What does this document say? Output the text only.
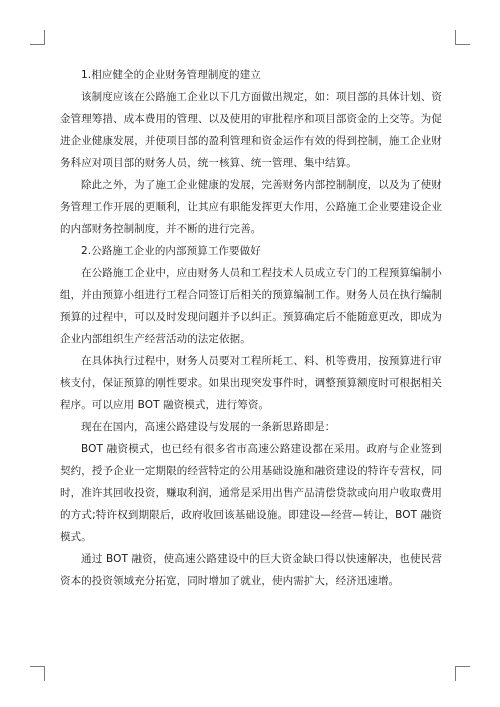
1.相应健全的企业财务管理制度的建立

该制度应该在公路施工企业以下几方面做出规定，如：项目部的具体计划、资金管理筹措、成本费用的管理、以及使用的审批程序和项目部资金的上交等。为促进企业健康发展，并使项目部的盈利管理和资金运作有效的得到控制，施工企业财务科应对项目部的财务人员，统一核算、统一管理、集中结算。

除此之外，为了施工企业健康的发展，完善财务内部控制制度，以及为了使财务管理工作开展的更顺利，让其应有职能发挥更大作用，公路施工企业要建设企业的内部财务控制制度，并不断的进行完善。

2.公路施工企业的内部预算工作要做好

在公路施工企业中，应由财务人员和工程技术人员成立专门的工程预算编制小组，并由预算小组进行工程合同签订后相关的预算编制工作。财务人员在执行编制预算的过程中，可以及时发现问题并予以纠正。预算确定后不能随意更改，即成为企业内部组织生产经营活动的法定依据。

在具体执行过程中，财务人员要对工程所耗工、料、机等费用，按预算进行审核支付，保证预算的刚性要求。如果出现突发事件时，调整预算额度时可根据相关程序。可以应用 BOT 融资模式，进行筹资。

现在在国内，高速公路建设与发展的一条新思路即是：

BOT 融资模式，也已经有很多省市高速公路建设都在采用。政府与企业签到契约，授予企业一定期限的经营特定的公用基础设施和融资建设的特许专营权，同时，准许其回收投资，赚取利润，通常是采用出售产品清偿贷款或向用户收取费用的方式;特许权到期限后，政府收回该基础设施。即建设—经营—转让，BOT 融资模式。

通过 BOT 融资，使高速公路建设中的巨大资金缺口得以快速解决，也使民营资本的投资领域充分拓宽，同时增加了就业，使内需扩大，经济迅速增。
